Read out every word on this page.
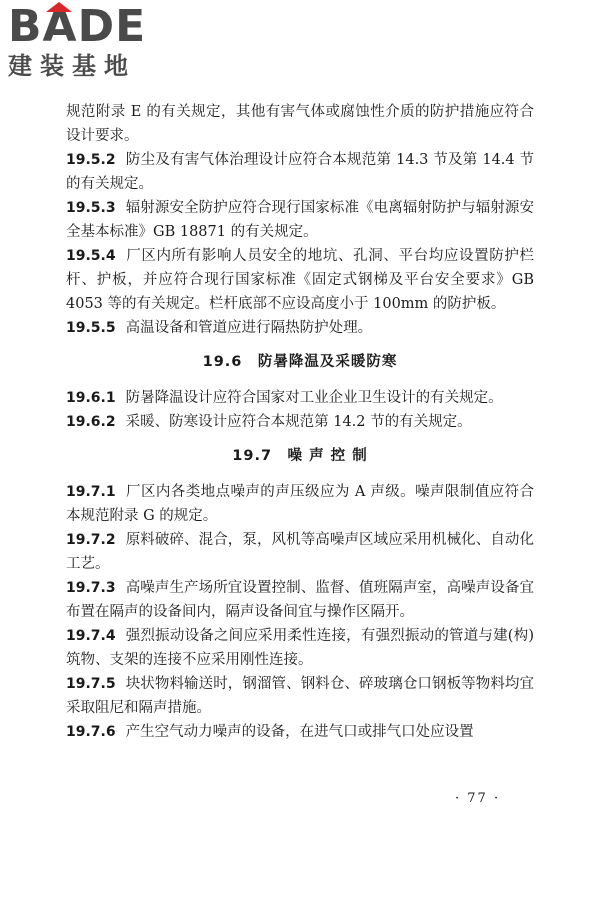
BADE
建装基地

规范附录 E 的有关规定，其他有害气体或腐蚀性介质的防护措施应符合设计要求。

19.5.2 防尘及有害气体治理设计应符合本规范第 14.3 节及第 14.4 节的有关规定。

19.5.3 辐射源安全防护应符合现行国家标准《电离辐射防护与辐射源安全基本标准》GB 18871 的有关规定。

19.5.4 厂区内所有影响人员安全的地坑、孔洞、平台均应设置防护栏杆、护板，并应符合现行国家标准《固定式钢梯及平台安全要求》GB 4053 等的有关规定。栏杆底部不应设高度小于 100mm 的防护板。

19.5.5 高温设备和管道应进行隔热防护处理。

19.6　防暑降温及采暖防寒

19.6.1 防暑降温设计应符合国家对工业企业卫生设计的有关规定。

19.6.2 采暖、防寒设计应符合本规范第 14.2 节的有关规定。

19.7　噪 声 控 制

19.7.1 厂区内各类地点噪声的声压级应为 A 声级。噪声限制值应符合本规范附录 G 的规定。

19.7.2 原料破碎、混合，泵，风机等高噪声区域应采用机械化、自动化工艺。

19.7.3 高噪声生产场所宜设置控制、监督、值班隔声室，高噪声设备宜布置在隔声的设备间内，隔声设备间宜与操作区隔开。

19.7.4 强烈振动设备之间应采用柔性连接，有强烈振动的管道与建(构)筑物、支架的连接不应采用刚性连接。

19.7.5 块状物料输送时，钢溜管、钢料仓、碎玻璃仓口钢板等物料均宜采取阻尼和隔声措施。

19.7.6 产生空气动力噪声的设备，在进气口或排气口处应设置

· 77 ·
